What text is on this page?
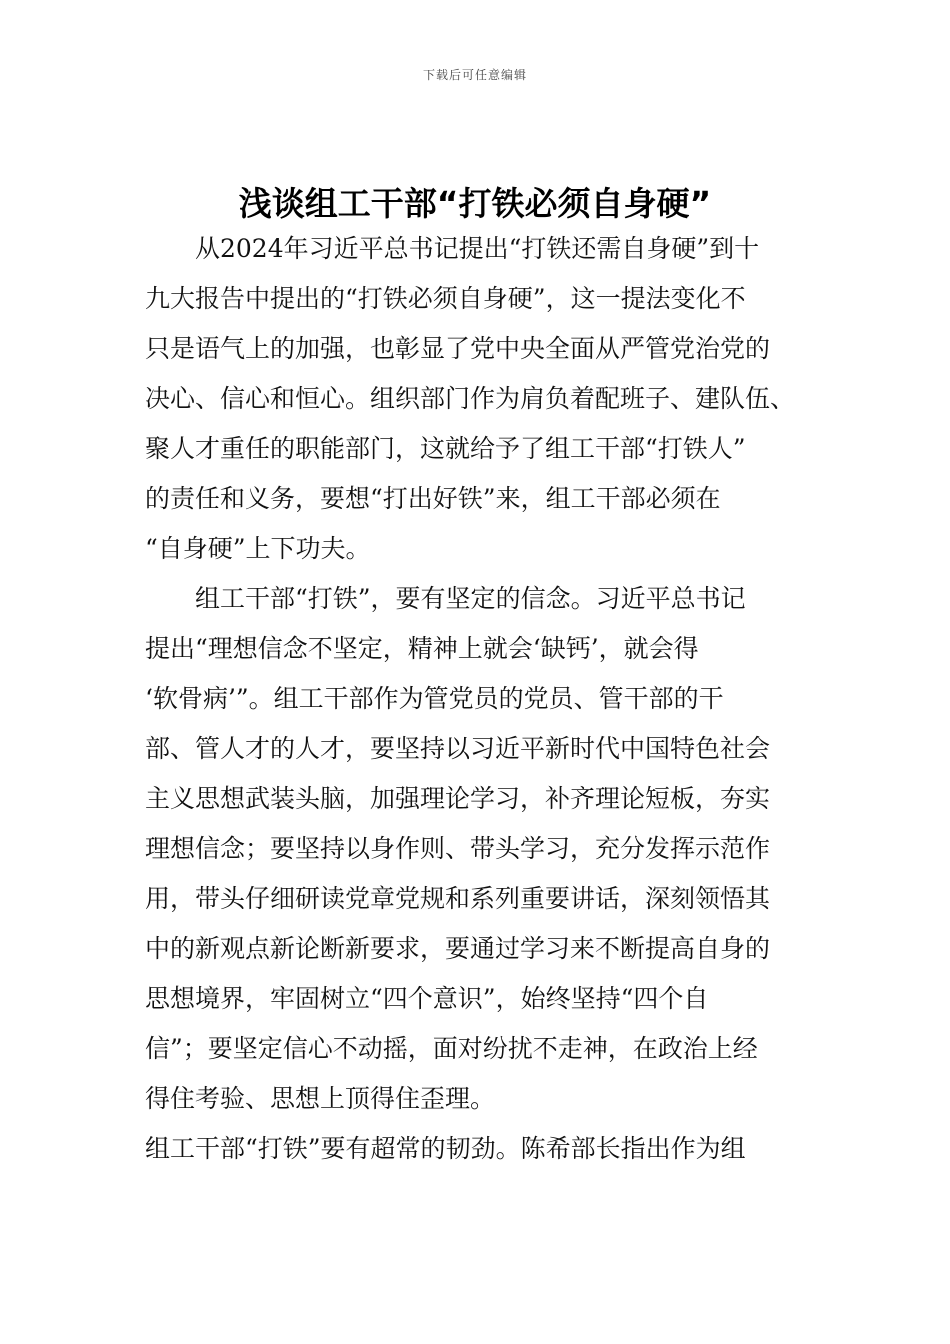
下载后可任意编辑
浅谈组工干部“打铁必须自身硬”
从2024年习近平总书记提出“打铁还需自身硬”到十
九大报告中提出的“打铁必须自身硬”，这一提法变化不
只是语气上的加强，也彰显了党中央全面从严管党治党的
决心、信心和恒心。组织部门作为肩负着配班子、建队伍、
聚人才重任的职能部门，这就给予了组工干部“打铁人”
的责任和义务，要想“打出好铁”来，组工干部必须在
“自身硬”上下功夫。
组工干部“打铁”，要有坚定的信念。习近平总书记
提出“理想信念不坚定，精神上就会‘缺钙’，就会得
‘软骨病’”。组工干部作为管党员的党员、管干部的干
部、管人才的人才，要坚持以习近平新时代中国特色社会
主义思想武装头脑，加强理论学习，补齐理论短板，夯实
理想信念；要坚持以身作则、带头学习，充分发挥示范作
用，带头仔细研读党章党规和系列重要讲话，深刻领悟其
中的新观点新论断新要求，要通过学习来不断提高自身的
思想境界，牢固树立“四个意识”，始终坚持“四个自
信”；要坚定信心不动摇，面对纷扰不走神，在政治上经
得住考验、思想上顶得住歪理。
组工干部“打铁”要有超常的韧劲。陈希部长指出作为组
